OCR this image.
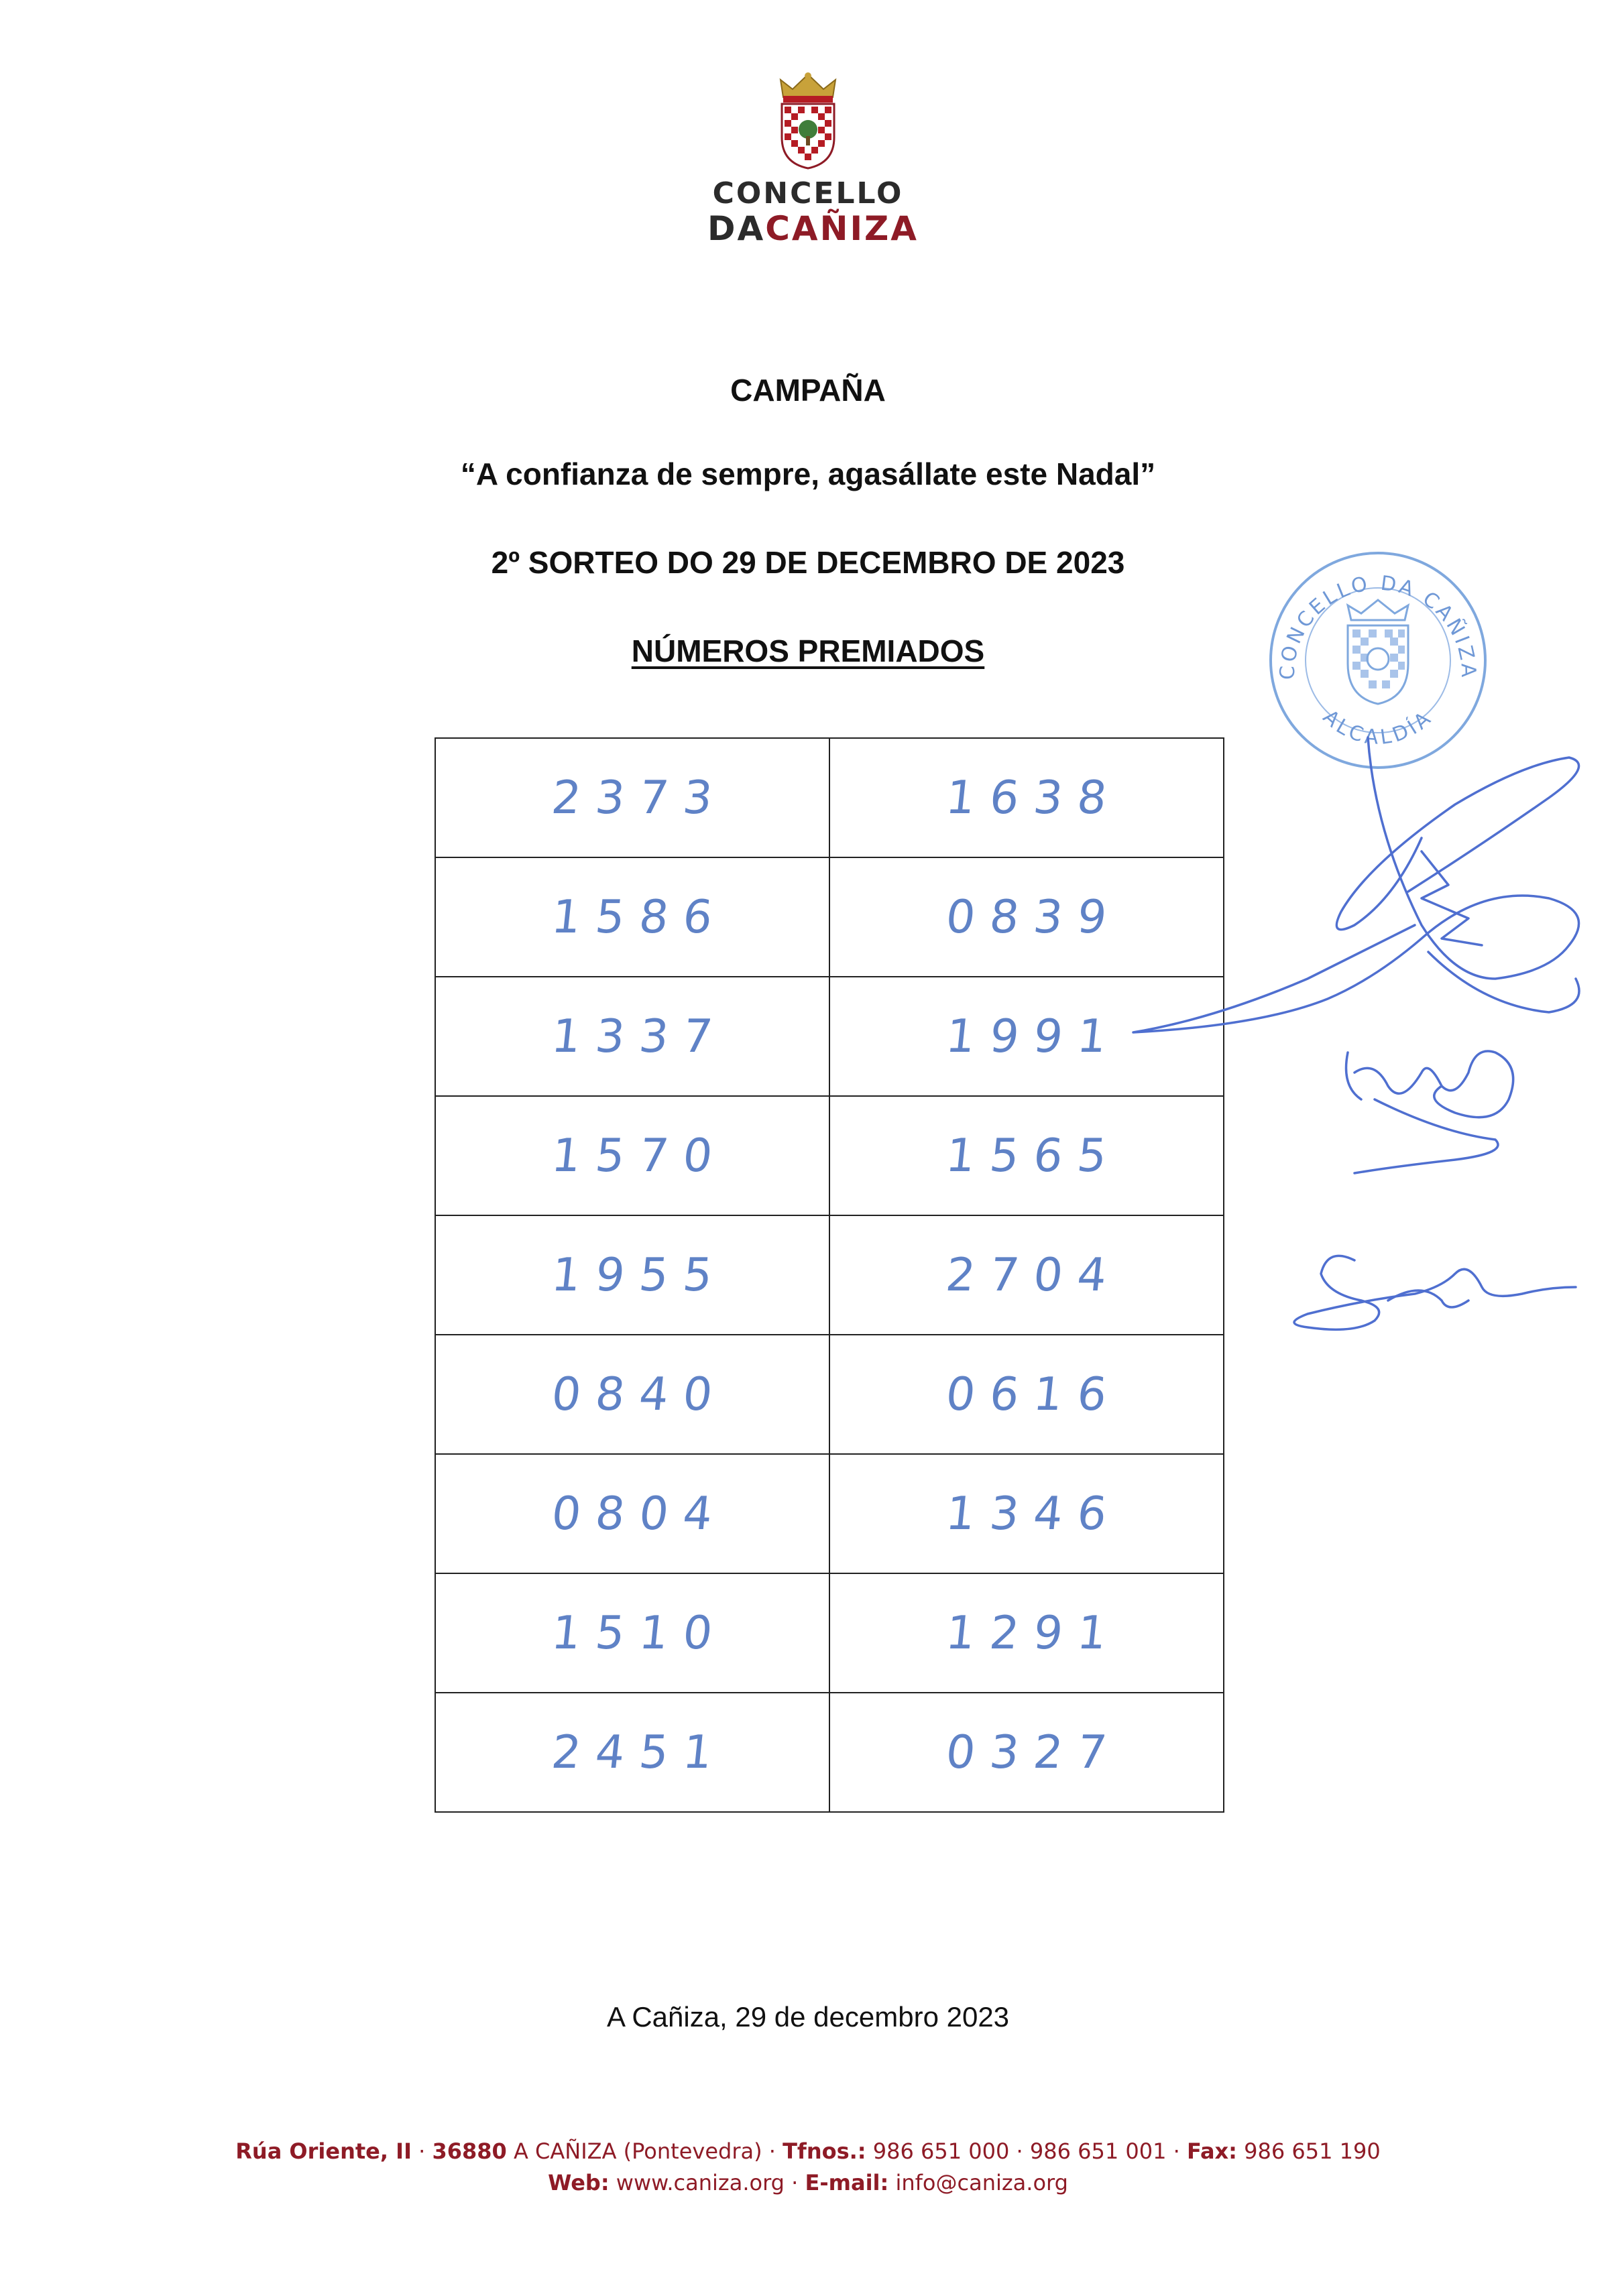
CONCELLO
DACAÑIZA
CAMPAÑA
“A confianza de sempre, agasállate este Nadal”
2º SORTEO DO 29 DE DECEMBRO DE 2023
NÚMEROS PREMIADOS
2373	1638
1586	0839
1337	1991
1570	1565
1955	2704
0840	0616
0804	1346
1510	1291
2451	0327
CONCELLO DA CAÑIZA
ALCALDÍA
A Cañiza, 29 de decembro 2023
Rúa Oriente, II · 36880 A CAÑIZA (Pontevedra) · Tfnos.: 986 651 000 · 986 651 001 · Fax: 986 651 190
Web: www.caniza.org · E-mail: info@caniza.org
